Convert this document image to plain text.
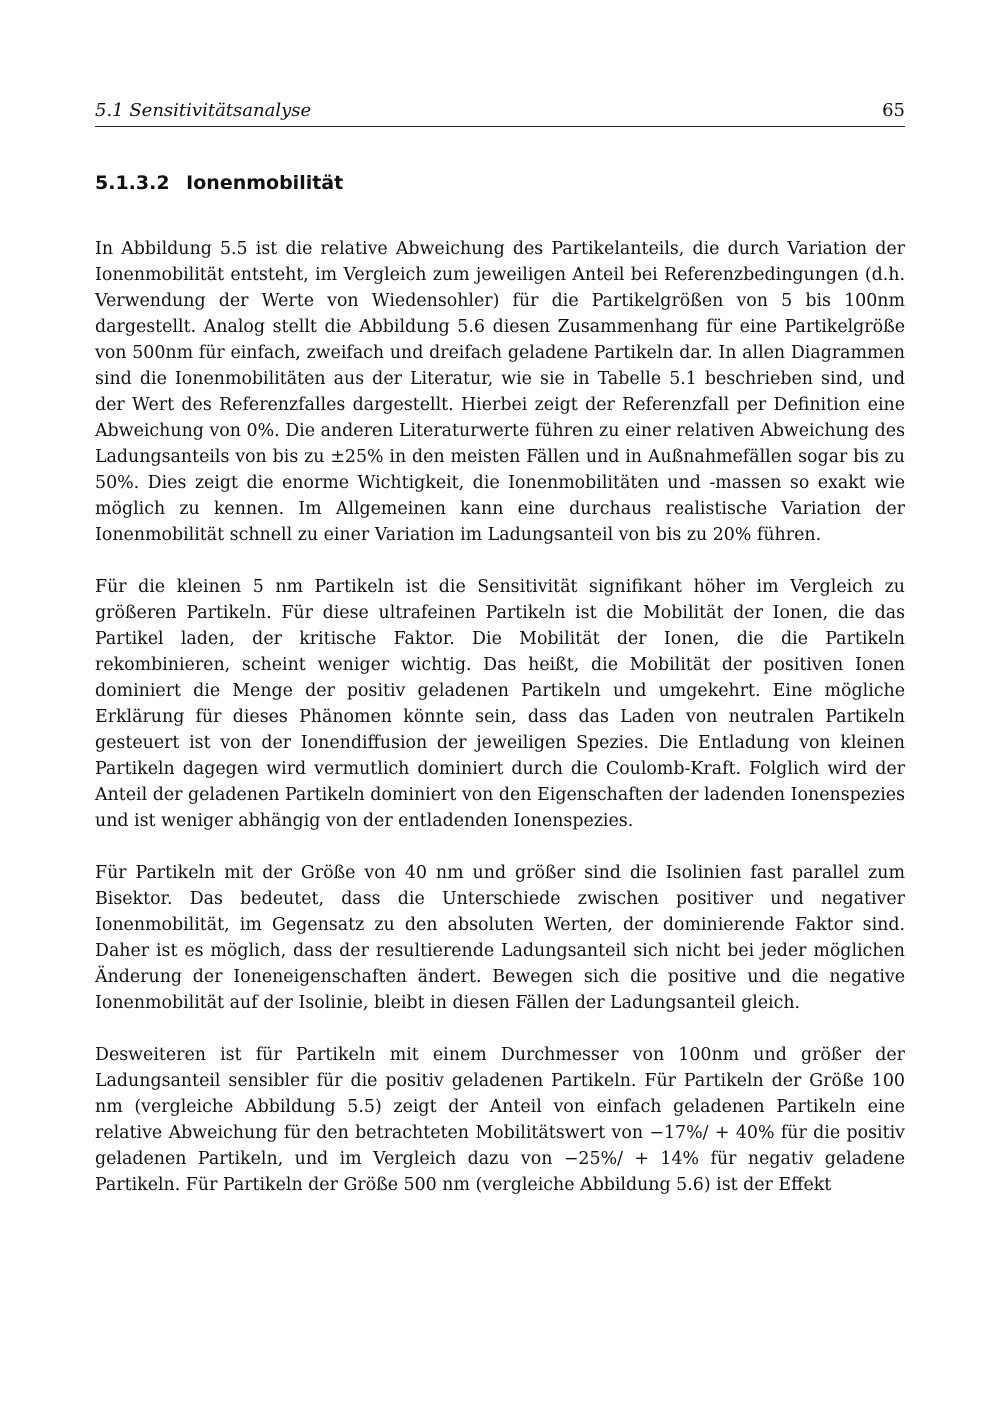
5.1 Sensitivitätsanalyse	65
5.1.3.2 Ionenmobilität

In Abbildung 5.5 ist die relative Abweichung des Partikelanteils, die durch Variation der Ionenmobilität entsteht, im Vergleich zum jeweiligen Anteil bei Referenzbedingungen (d.h. Verwendung der Werte von Wiedensohler) für die Partikelgrößen von 5 bis 100nm dargestellt. Analog stellt die Abbildung 5.6 diesen Zusammenhang für eine Partikelgröße von 500nm für einfach, zweifach und dreifach geladene Partikeln dar. In allen Diagrammen sind die Ionenmobilitäten aus der Literatur, wie sie in Tabelle 5.1 beschrieben sind, und der Wert des Referenzfalles dargestellt. Hierbei zeigt der Referenzfall per Definition eine Abweichung von 0%. Die anderen Literaturwerte führen zu einer relativen Abweichung des Ladungsanteils von bis zu ±25% in den meisten Fällen und in Außnahmefällen sogar bis zu 50%. Dies zeigt die enorme Wichtigkeit, die Ionenmobilitäten und -massen so exakt wie möglich zu kennen. Im Allgemeinen kann eine durchaus realistische Variation der Ionenmobilität schnell zu einer Variation im Ladungsanteil von bis zu 20% führen.

Für die kleinen 5 nm Partikeln ist die Sensitivität signifikant höher im Vergleich zu größeren Partikeln. Für diese ultrafeinen Partikeln ist die Mobilität der Ionen, die das Partikel laden, der kritische Faktor. Die Mobilität der Ionen, die die Partikeln rekombinieren, scheint weniger wichtig. Das heißt, die Mobilität der positiven Ionen dominiert die Menge der positiv geladenen Partikeln und umgekehrt. Eine mögliche Erklärung für dieses Phänomen könnte sein, dass das Laden von neutralen Partikeln gesteuert ist von der Ionendiffusion der jeweiligen Spezies. Die Entladung von kleinen Partikeln dagegen wird vermutlich dominiert durch die Coulomb-Kraft. Folglich wird der Anteil der geladenen Partikeln dominiert von den Eigenschaften der ladenden Ionenspezies und ist weniger abhängig von der entladenden Ionenspezies.

Für Partikeln mit der Größe von 40 nm und größer sind die Isolinien fast parallel zum Bisektor. Das bedeutet, dass die Unterschiede zwischen positiver und negativer Ionenmobilität, im Gegensatz zu den absoluten Werten, der dominierende Faktor sind. Daher ist es möglich, dass der resultierende Ladungsanteil sich nicht bei jeder möglichen Änderung der Ioneneigenschaften ändert. Bewegen sich die positive und die negative Ionenmobilität auf der Isolinie, bleibt in diesen Fällen der Ladungsanteil gleich.

Desweiteren ist für Partikeln mit einem Durchmesser von 100nm und größer der Ladungsanteil sensibler für die positiv geladenen Partikeln. Für Partikeln der Größe 100 nm (vergleiche Abbildung 5.5) zeigt der Anteil von einfach geladenen Partikeln eine relative Abweichung für den betrachteten Mobilitätswert von −17%/ + 40% für die positiv geladenen Partikeln, und im Vergleich dazu von −25%/ + 14% für negativ geladene Partikeln. Für Partikeln der Größe 500 nm (vergleiche Abbildung 5.6) ist der Effekt
